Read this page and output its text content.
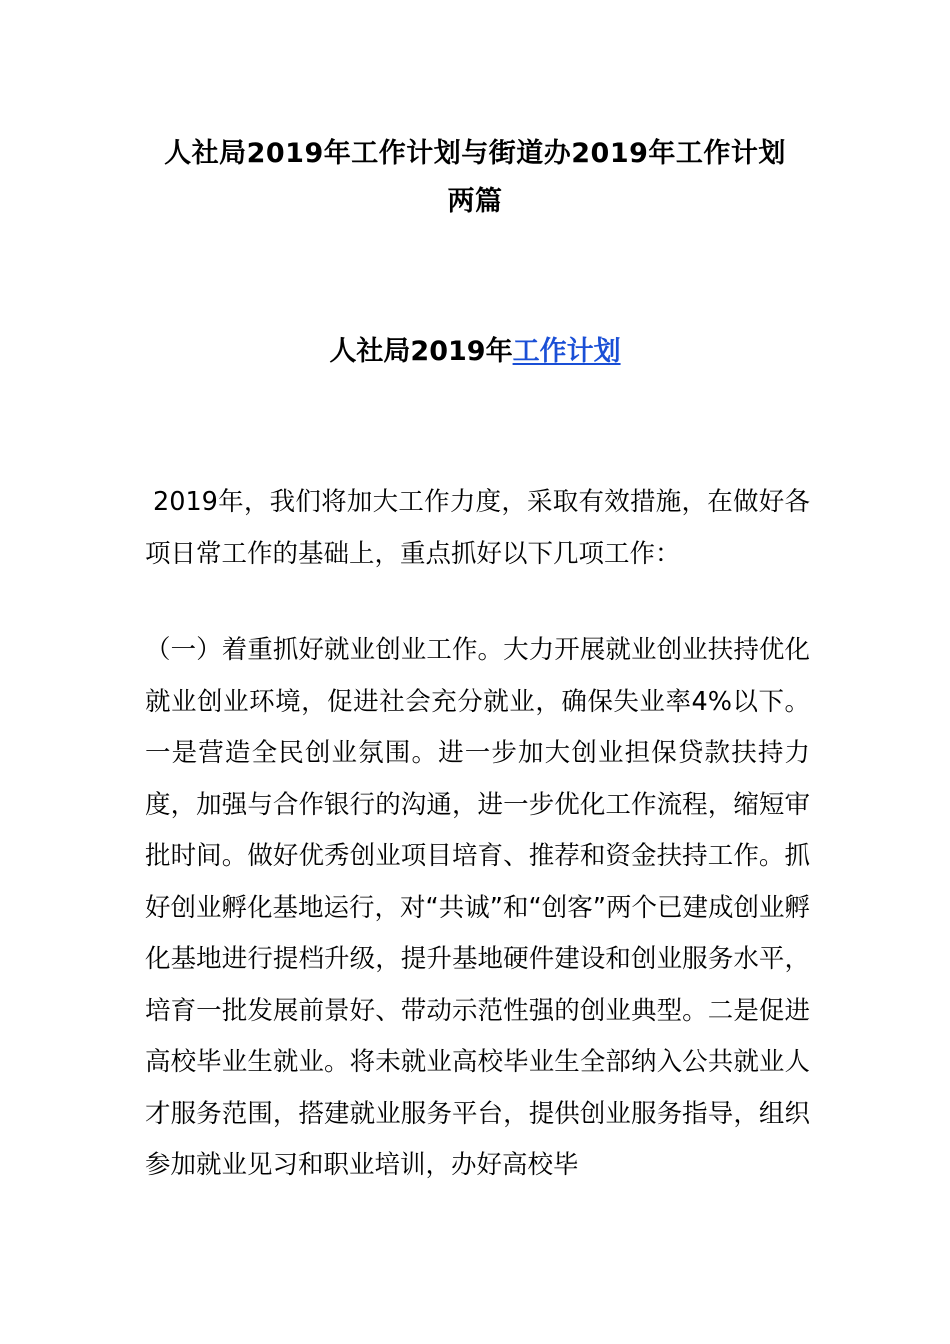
人社局2019年工作计划与街道办2019年工作计划
两篇
人社局2019年工作计划

2019年，我们将加大工作力度，采取有效措施，在做好各项日常工作的基础上，重点抓好以下几项工作：

（一）着重抓好就业创业工作。大力开展就业创业扶持优化就业创业环境，促进社会充分就业，确保失业率4%以下。一是营造全民创业氛围。进一步加大创业担保贷款扶持力度，加强与合作银行的沟通，进一步优化工作流程，缩短审批时间。做好优秀创业项目培育、推荐和资金扶持工作。抓好创业孵化基地运行，对“共诚”和“创客”两个已建成创业孵化基地进行提档升级，提升基地硬件建设和创业服务水平，培育一批发展前景好、带动示范性强的创业典型。二是促进高校毕业生就业。将未就业高校毕业生全部纳入公共就业人才服务范围，搭建就业服务平台，提供创业服务指导，组织参加就业见习和职业培训，办好高校毕
